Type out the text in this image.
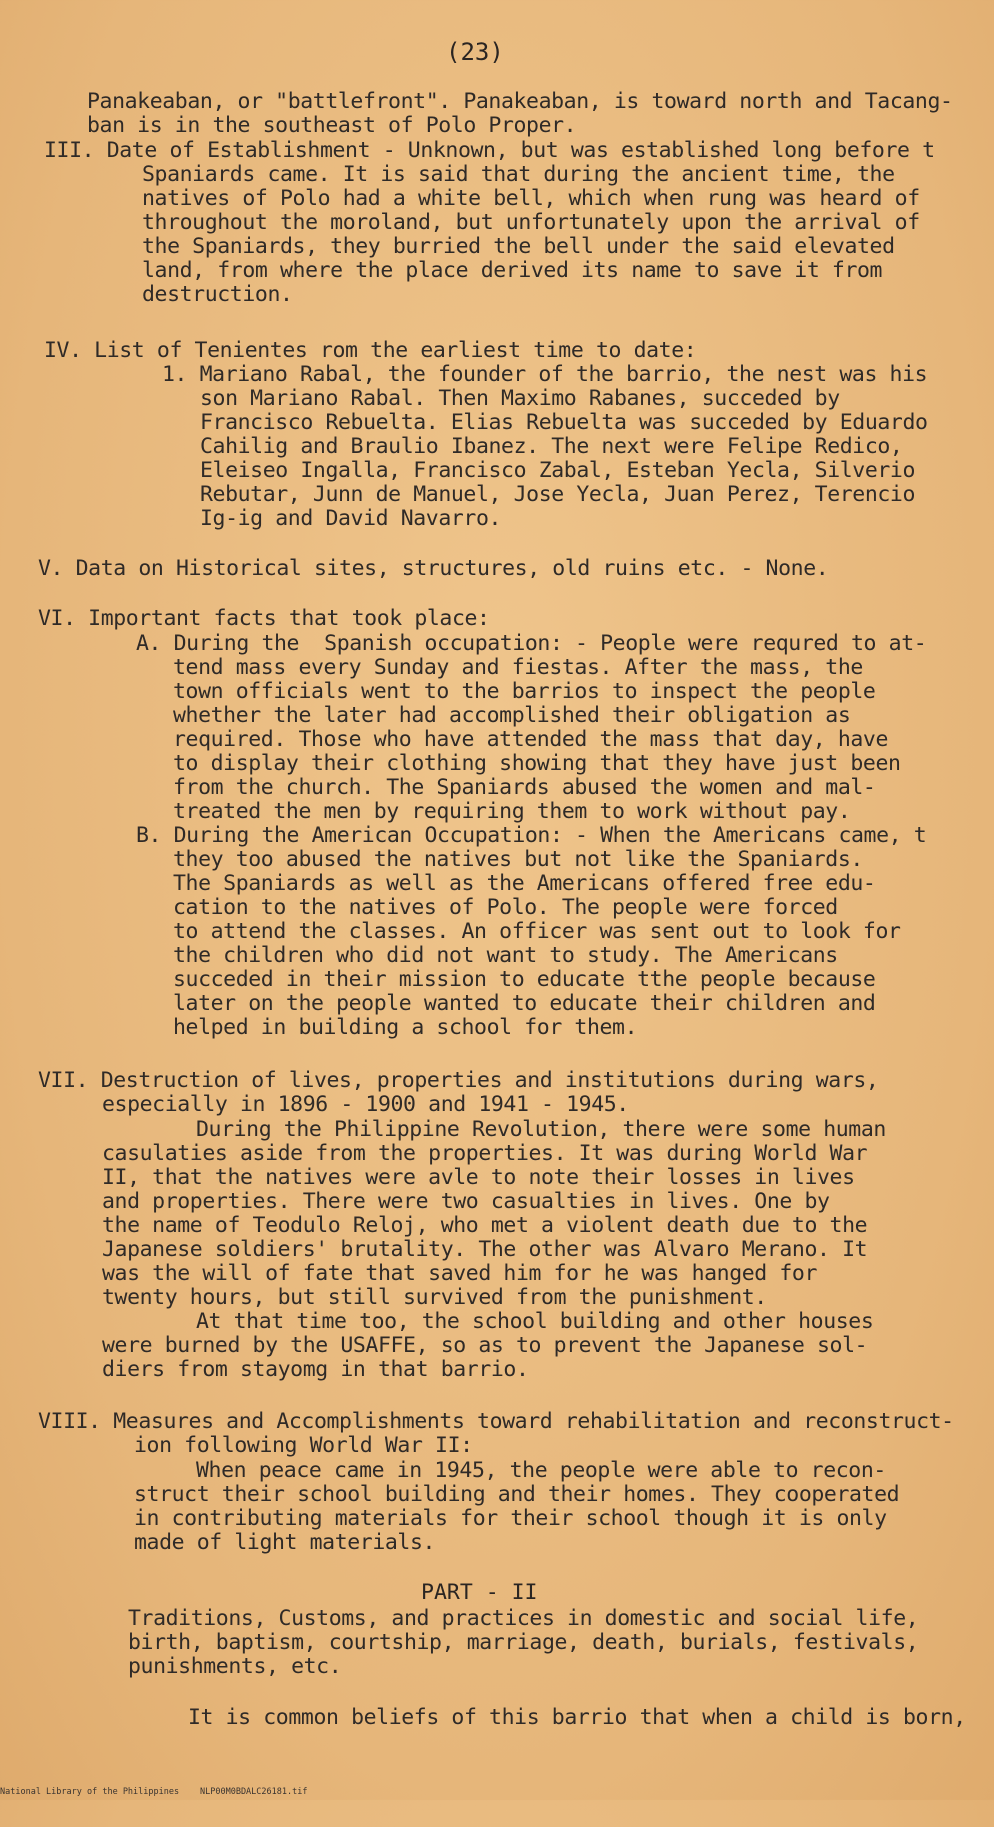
(23)
Panakeaban, or "battlefront". Panakeaban, is toward north and Tacang-
ban is in the southeast of Polo Proper.
III. Date of Establishment - Unknown, but was established long before t
Spaniards came. It is said that during the ancient time, the
natives of Polo had a white bell, which when rung was heard of
throughout the moroland, but unfortunately upon the arrival of
the Spaniards, they burried the bell under the said elevated
land, from where the place derived its name to save it from
destruction.
IV. List of Tenientes rom the earliest time to date:
1. Mariano Rabal, the founder of the barrio, the nest was his
son Mariano Rabal. Then Maximo Rabanes, succeded by
Francisco Rebuelta. Elias Rebuelta was succeded by Eduardo
Cahilig and Braulio Ibanez. The next were Felipe Redico,
Eleiseo Ingalla, Francisco Zabal, Esteban Yecla, Silverio
Rebutar, Junn de Manuel, Jose Yecla, Juan Perez, Terencio
Ig-ig and David Navarro.
V. Data on Historical sites, structures, old ruins etc. - None.
VI. Important facts that took place:
A. During the  Spanish occupation: - People were requred to at-
tend mass every Sunday and fiestas. After the mass, the
town officials went to the barrios to inspect the people
whether the later had accomplished their obligation as
required. Those who have attended the mass that day, have
to display their clothing showing that they have just been
from the church. The Spaniards abused the women and mal-
treated the men by requiring them to work without pay.
B. During the American Occupation: - When the Americans came, t
they too abused the natives but not like the Spaniards.
The Spaniards as well as the Americans offered free edu-
cation to the natives of Polo. The people were forced
to attend the classes. An officer was sent out to look for
the children who did not want to study. The Americans
succeded in their mission to educate tthe people because
later on the people wanted to educate their children and
helped in building a school for them.
VII. Destruction of lives, properties and institutions during wars,
especially in 1896 - 1900 and 1941 - 1945.
During the Philippine Revolution, there were some human
casulaties aside from the properties. It was during World War
II, that the natives were avle to note their losses in lives
and properties. There were two casualties in lives. One by
the name of Teodulo Reloj, who met a violent death due to the
Japanese soldiers' brutality. The other was Alvaro Merano. It
was the will of fate that saved him for he was hanged for
twenty hours, but still survived from the punishment.
At that time too, the school building and other houses
were burned by the USAFFE, so as to prevent the Japanese sol-
diers from stayomg in that barrio.
VIII. Measures and Accomplishments toward rehabilitation and reconstruct-
ion following World War II:
When peace came in 1945, the people were able to recon-
struct their school building and their homes. They cooperated
in contributing materials for their school though it is only
made of light materials.
PART - II
Traditions, Customs, and practices in domestic and social life,
birth, baptism, courtship, marriage, death, burials, festivals,
punishments, etc.
It is common beliefs of this barrio that when a child is born,

National Library of the Philippines

NLP00M0BDALC26181.tif
